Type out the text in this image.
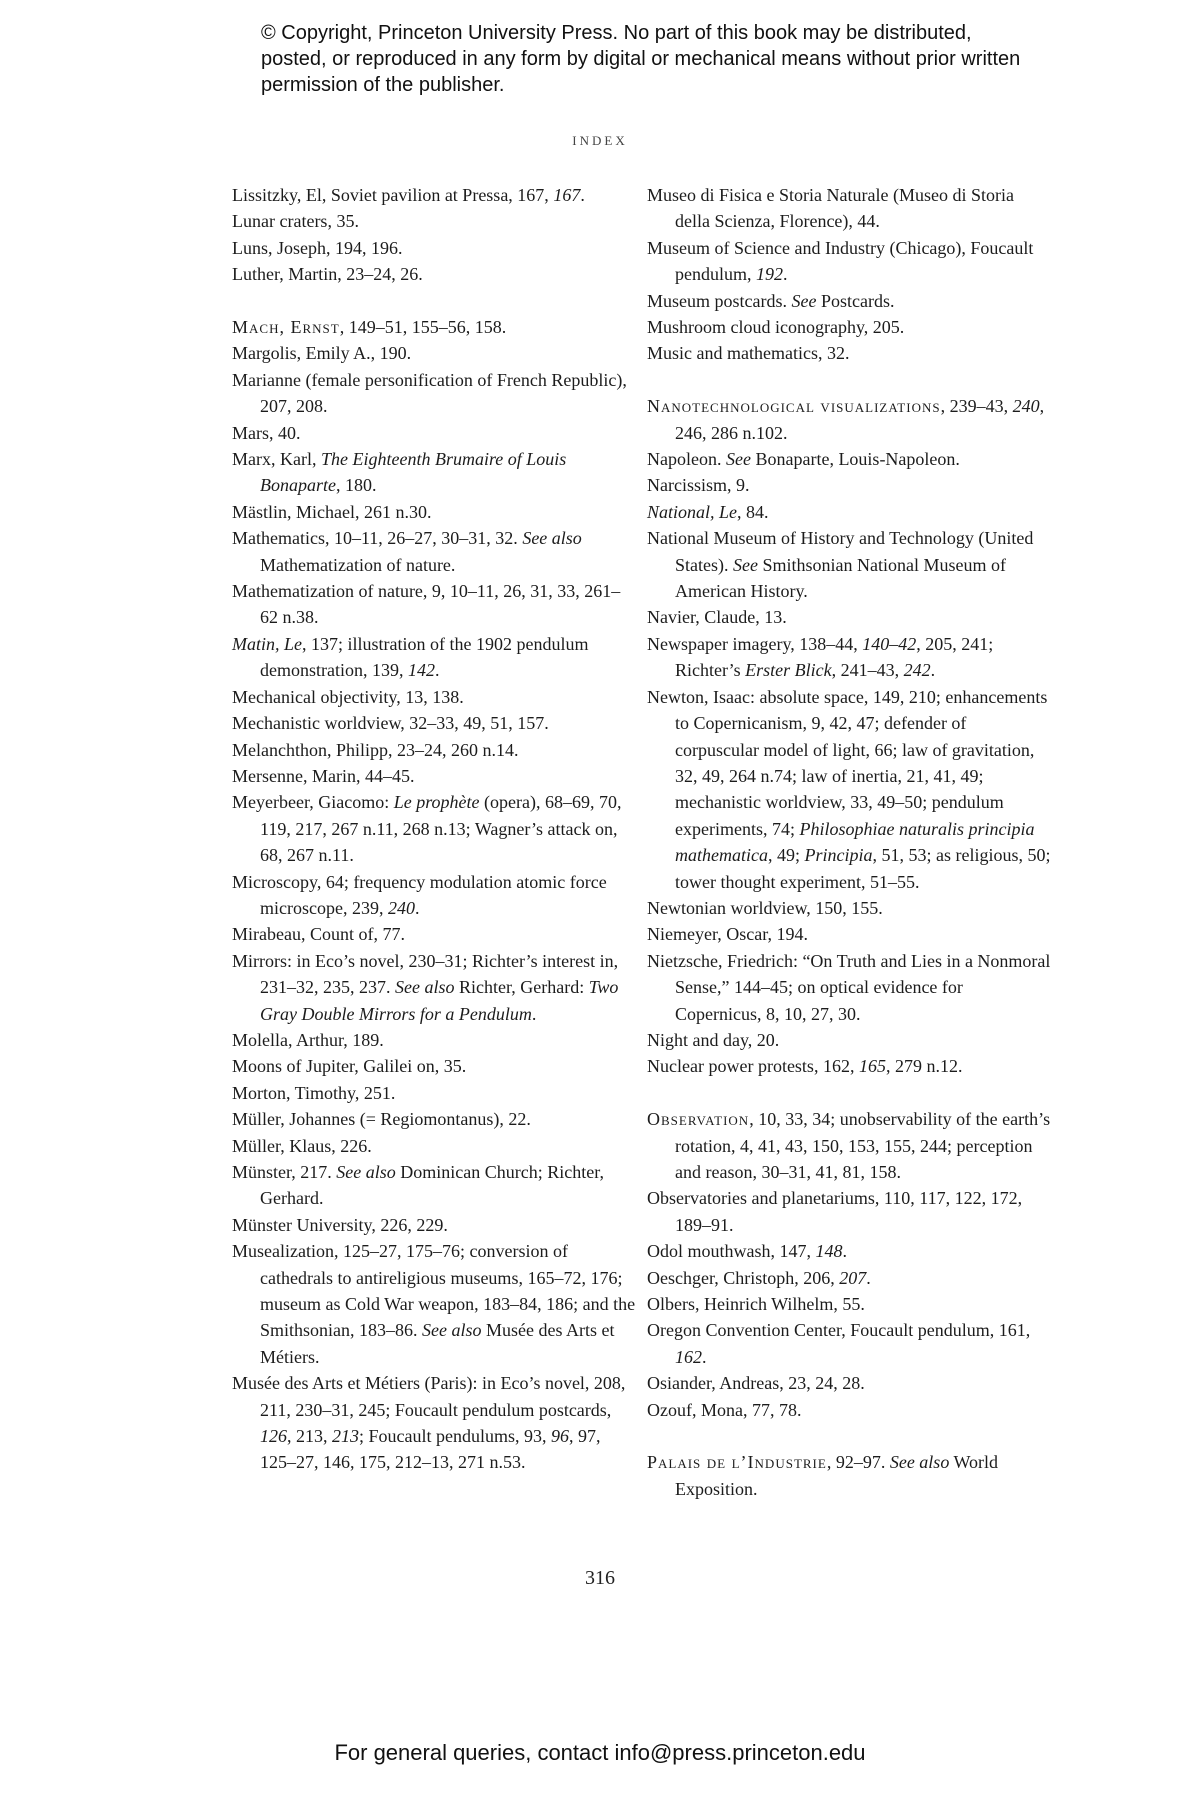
© Copyright, Princeton University Press. No part of this book may be distributed, posted, or reproduced in any form by digital or mechanical means without prior written permission of the publisher.
INDEX

Lissitzky, El, Soviet pavilion at Pressa, 167, 167.

Lunar craters, 35.

Luns, Joseph, 194, 196.

Luther, Martin, 23–24, 26.

Mach, Ernst, 149–51, 155–56, 158.

Margolis, Emily A., 190.

Marianne (female personification of French Republic), 207, 208.

Mars, 40.

Marx, Karl, The Eighteenth Brumaire of Louis Bonaparte, 180.

Mästlin, Michael, 261 n.30.

Mathematics, 10–11, 26–27, 30–31, 32. See also Mathematization of nature.

Mathematization of nature, 9, 10–11, 26, 31, 33, 261–62 n.38.

Matin, Le, 137; illustration of the 1902 pendulum demonstration, 139, 142.

Mechanical objectivity, 13, 138.

Mechanistic worldview, 32–33, 49, 51, 157.

Melanchthon, Philipp, 23–24, 260 n.14.

Mersenne, Marin, 44–45.

Meyerbeer, Giacomo: Le prophète (opera), 68–69, 70, 119, 217, 267 n.11, 268 n.13; Wagner’s attack on, 68, 267 n.11.

Microscopy, 64; frequency modulation atomic force microscope, 239, 240.

Mirabeau, Count of, 77.

Mirrors: in Eco’s novel, 230–31; Richter’s interest in, 231–32, 235, 237. See also Richter, Gerhard: Two Gray Double Mirrors for a Pendulum.

Molella, Arthur, 189.

Moons of Jupiter, Galilei on, 35.

Morton, Timothy, 251.

Müller, Johannes (= Regiomontanus), 22.

Müller, Klaus, 226.

Münster, 217. See also Dominican Church; Richter, Gerhard.

Münster University, 226, 229.

Musealization, 125–27, 175–76; conversion of cathedrals to antireligious museums, 165–72, 176; museum as Cold War weapon, 183–84, 186; and the Smithsonian, 183–86. See also Musée des Arts et Métiers.

Musée des Arts et Métiers (Paris): in Eco’s novel, 208, 211, 230–31, 245; Foucault pendulum postcards, 126, 213, 213; Foucault pendulums, 93, 96, 97, 125–27, 146, 175, 212–13, 271 n.53.

Museo di Fisica e Storia Naturale (Museo di Storia della Scienza, Florence), 44.

Museum of Science and Industry (Chicago), Foucault pendulum, 192.

Museum postcards. See Postcards.

Mushroom cloud iconography, 205.

Music and mathematics, 32.

Nanotechnological visualizations, 239–43, 240, 246, 286 n.102.

Napoleon. See Bonaparte, Louis-Napoleon.

Narcissism, 9.

National, Le, 84.

National Museum of History and Technology (United States). See Smithsonian National Museum of American History.

Navier, Claude, 13.

Newspaper imagery, 138–44, 140–42, 205, 241; Richter’s Erster Blick, 241–43, 242.

Newton, Isaac: absolute space, 149, 210; enhancements to Copernicanism, 9, 42, 47; defender of corpuscular model of light, 66; law of gravitation, 32, 49, 264 n.74; law of inertia, 21, 41, 49; mechanistic worldview, 33, 49–50; pendulum experiments, 74; Philosophiae naturalis principia mathematica, 49; Principia, 51, 53; as religious, 50; tower thought experiment, 51–55.

Newtonian worldview, 150, 155.

Niemeyer, Oscar, 194.

Nietzsche, Friedrich: “On Truth and Lies in a Nonmoral Sense,” 144–45; on optical evidence for Copernicus, 8, 10, 27, 30.

Night and day, 20.

Nuclear power protests, 162, 165, 279 n.12.

Observation, 10, 33, 34; unobservability of the earth’s rotation, 4, 41, 43, 150, 153, 155, 244; perception and reason, 30–31, 41, 81, 158.

Observatories and planetariums, 110, 117, 122, 172, 189–91.

Odol mouthwash, 147, 148.

Oeschger, Christoph, 206, 207.

Olbers, Heinrich Wilhelm, 55.

Oregon Convention Center, Foucault pendulum, 161, 162.

Osiander, Andreas, 23, 24, 28.

Ozouf, Mona, 77, 78.

Palais de l’Industrie, 92–97. See also World Exposition.

316
For general queries, contact info@press.princeton.edu
